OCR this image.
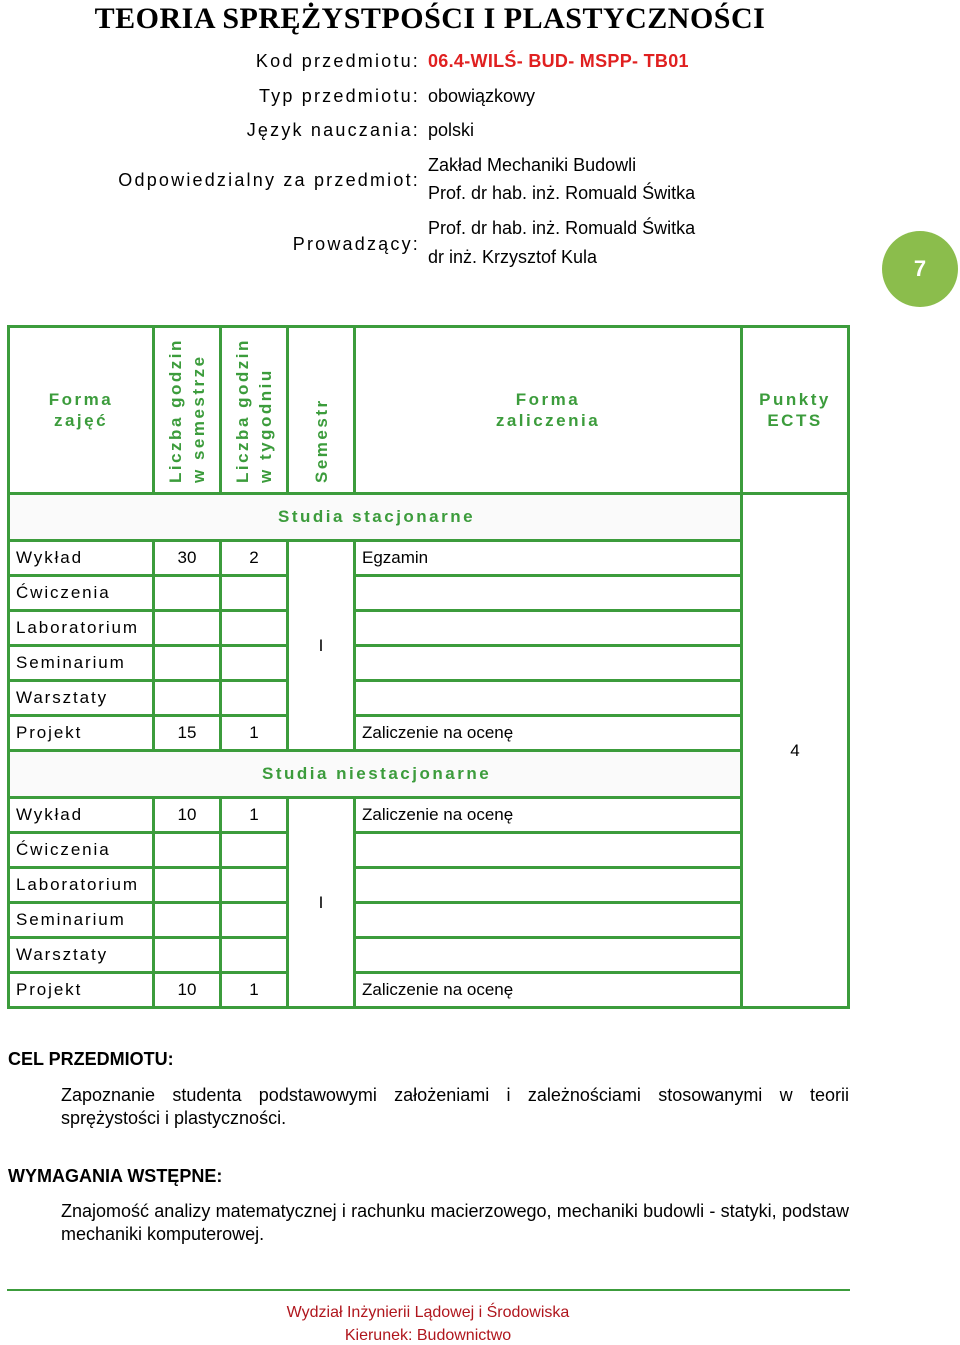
TEORIA SPRĘŻYSTPOŚCI I PLASTYCZNOŚCI
Kod przedmiotu: 06.4-WILŚ- BUD- MSPP- TB01
Typ przedmiotu: obowiązkowy
Język nauczania: polski
Odpowiedzialny za przedmiot:
Zakład Mechaniki Budowli
Prof. dr hab. inż. Romuald Świtka
Prowadzący:
Prof. dr hab. inż. Romuald Świtka
dr inż. Krzysztof Kula	7
Forma
zajęć	Liczba godzin w semestrze	Liczba godzin w tygodniu	Semestr	Forma
zaliczenia	Punkty
ECTS
Studia stacjonarne					4
Wykład	30	2	I	Egzamin	
Ćwiczenia					
Laboratorium					
Seminarium					
Warsztaty					
Projekt	15	1		Zaliczenie na ocenę	
Studia niestacjonarne					
Wykład	10	1	I	Zaliczenie na ocenę	
Ćwiczenia					
Laboratorium					
Seminarium					
Warsztaty					
Projekt	10	1		Zaliczenie na ocenę	
CEL PRZEDMIOTU:
Zapoznanie studenta podstawowymi założeniami i zależnościami stosowanymi w teorii sprężystości i plastyczności.
WYMAGANIA WSTĘPNE:
Znajomość analizy matematycznej i rachunku macierzowego, mechaniki budowli - statyki, podstaw mechaniki komputerowej.
Wydział Inżynierii Lądowej i Środowiska
Kierunek: Budownictwo
